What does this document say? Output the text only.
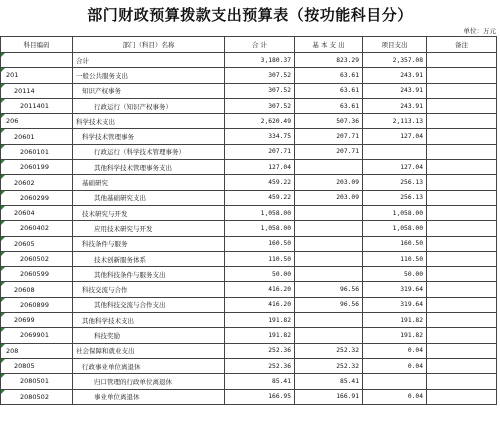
部门财政预算拨款支出预算表（按功能科目分）
单位：万元
科目编码	部门（科目）名称	合 计	基 本 支 出	项目支出	备注
	合计	3,180.37	823.29	2,357.08	
201	一般公共服务支出	307.52	63.61	243.91	
20114	知识产权事务	307.52	63.61	243.91	
2011401	行政运行（知识产权事务）	307.52	63.61	243.91	
206	科学技术支出	2,620.49	507.36	2,113.13	
20601	科学技术管理事务	334.75	207.71	127.04	
2060101	行政运行（科学技术管理事务）	207.71	207.71		
2060199	其他科学技术管理事务支出	127.04		127.04	
20602	基础研究	459.22	203.09	256.13	
2060299	其他基础研究支出	459.22	203.09	256.13	
20604	技术研究与开发	1,058.00		1,058.00	
2060402	应用技术研究与开发	1,058.00		1,058.00	
20605	科技条件与服务	160.50		160.50	
2060502	技术创新服务体系	110.50		110.50	
2060599	其他科技条件与服务支出	50.00		50.00	
20608	科技交流与合作	416.20	96.56	319.64	
2060899	其他科技交流与合作支出	416.20	96.56	319.64	
20699	其他科学技术支出	191.82		191.82	
2069901	科技奖励	191.82		191.82	
208	社会保障和就业支出	252.36	252.32	0.04	
20805	行政事业单位离退休	252.36	252.32	0.04	
2080501	归口管理的行政单位离退休	85.41	85.41		
2080502	事业单位离退休	166.95	166.91	0.04	
